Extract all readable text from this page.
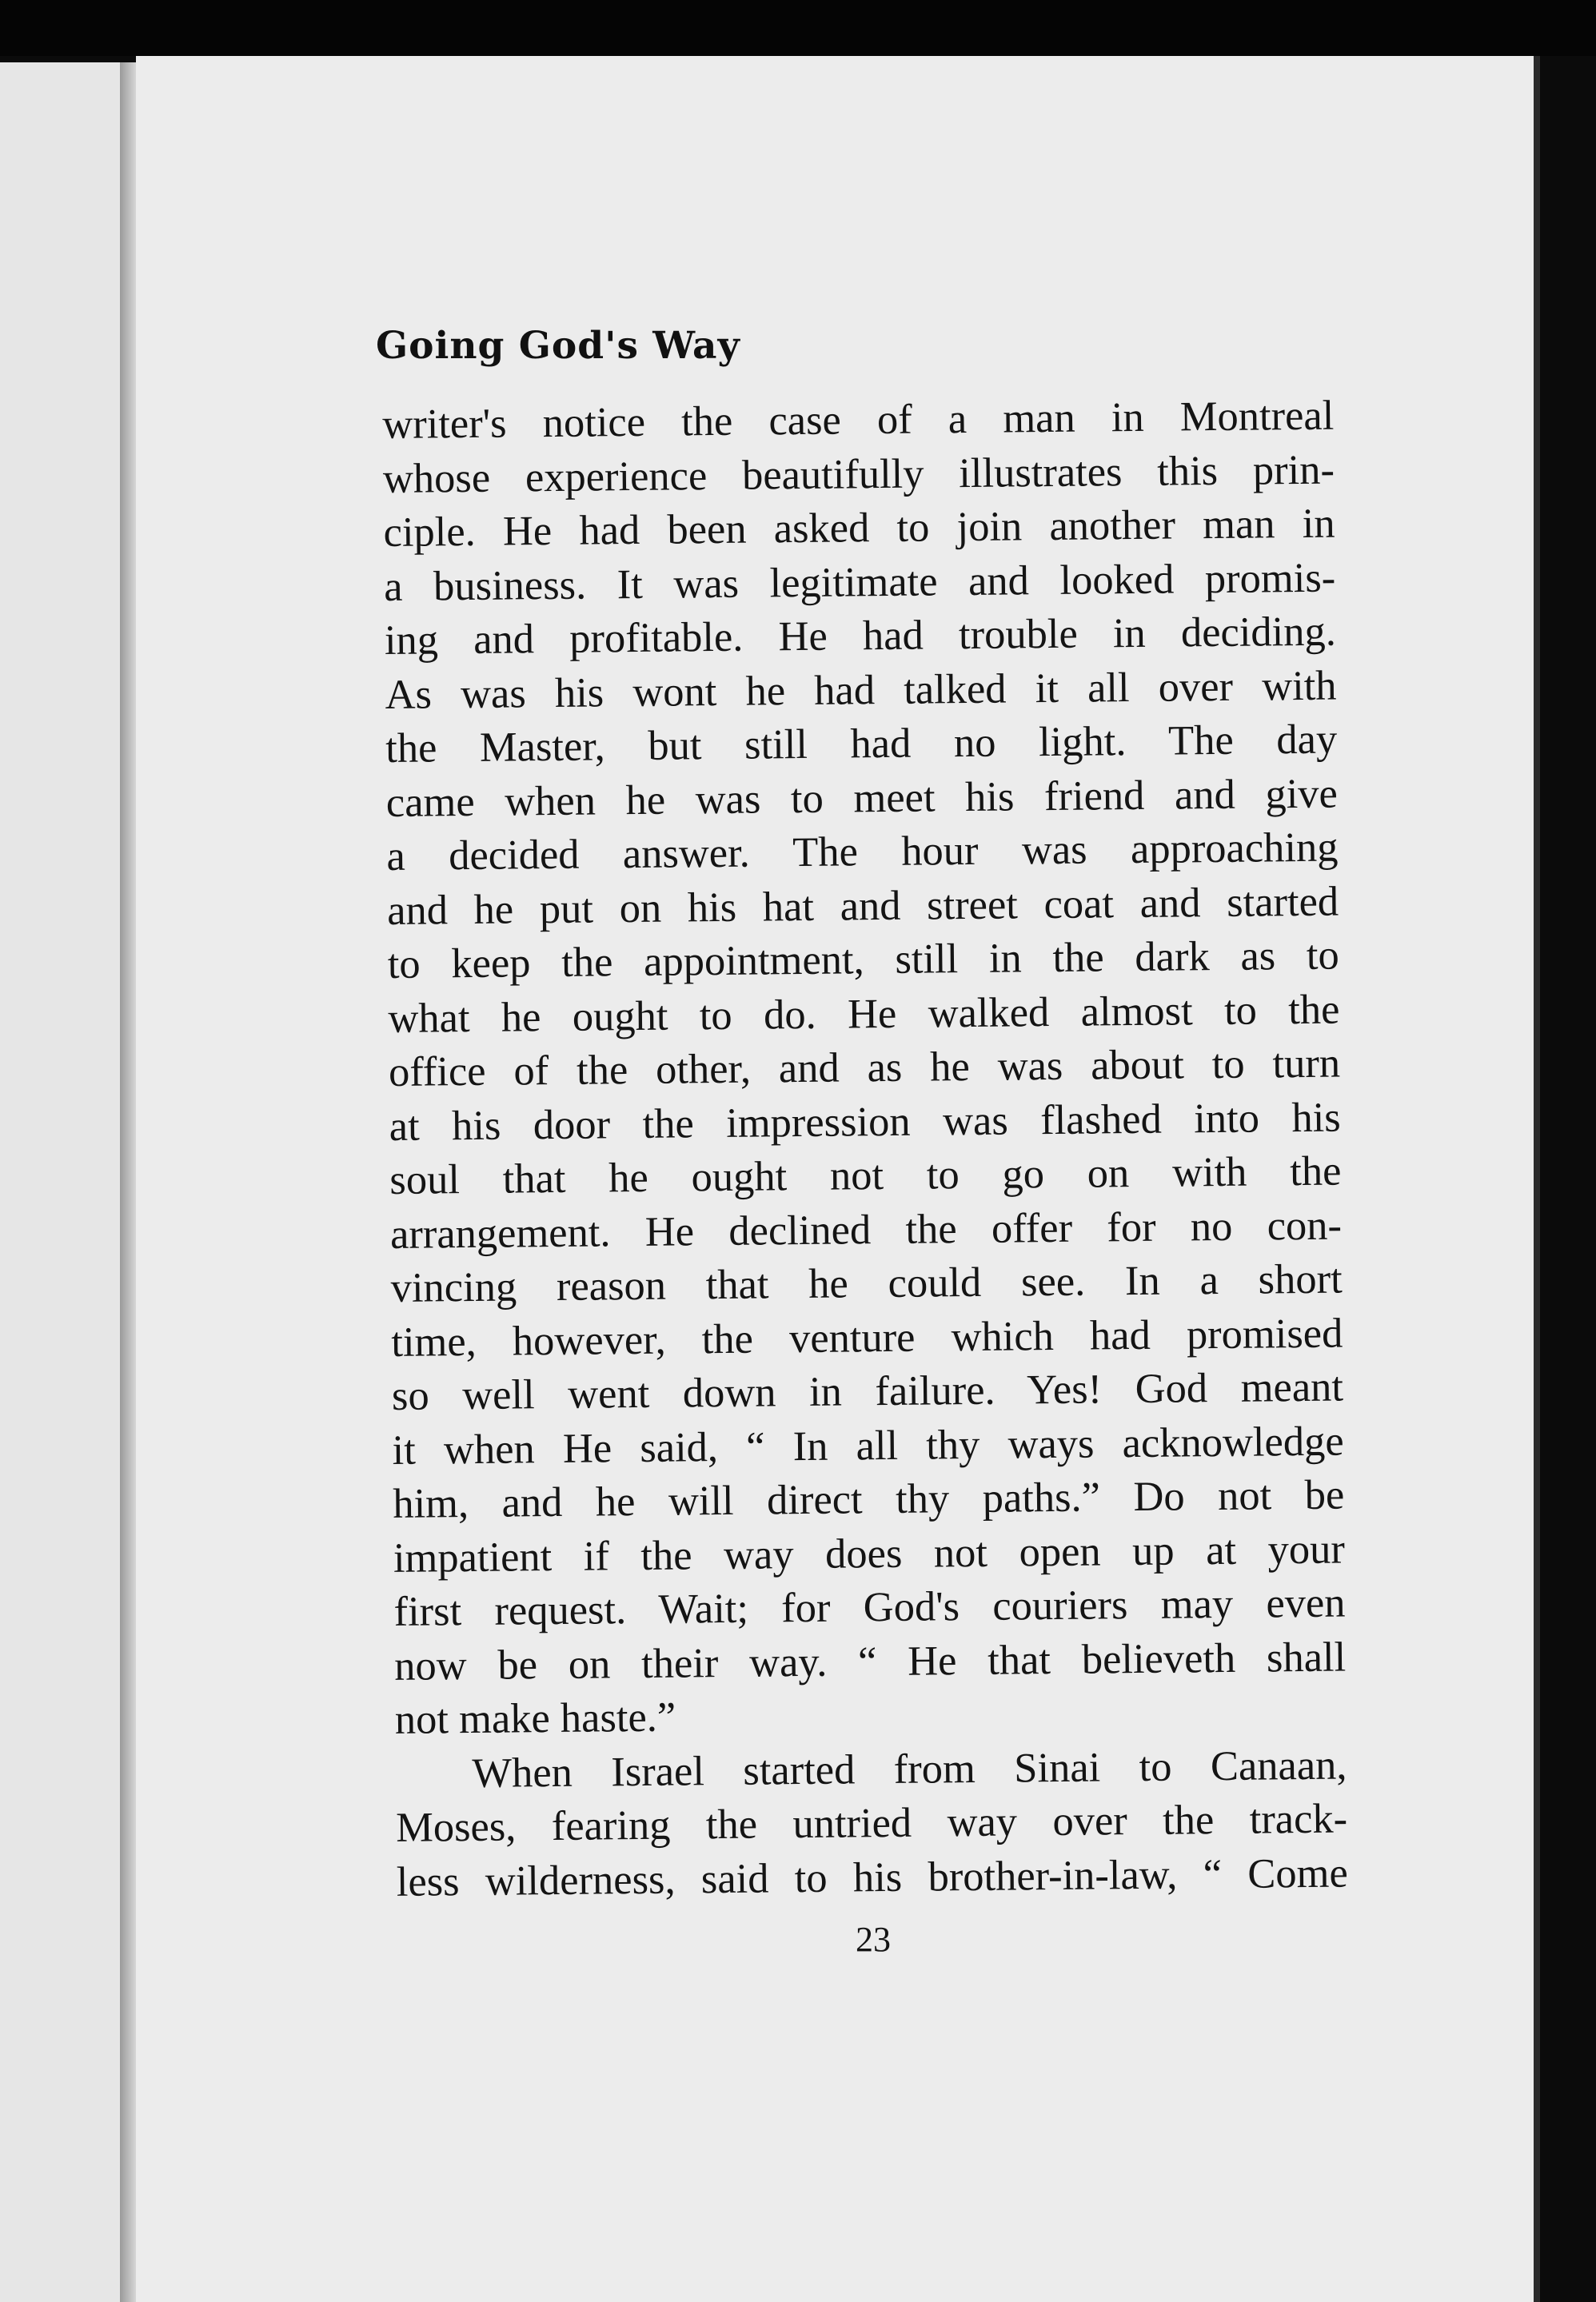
Going God's Way
writer's notice the case of a man in Montreal
whose experience beautifully illustrates this prin-
ciple. He had been asked to join another man in
a business. It was legitimate and looked promis-
ing and profitable. He had trouble in deciding.
As was his wont he had talked it all over with
the Master, but still had no light. The day
came when he was to meet his friend and give
a decided answer. The hour was approaching
and he put on his hat and street coat and started
to keep the appointment, still in the dark as to
what he ought to do. He walked almost to the
office of the other, and as he was about to turn
at his door the impression was flashed into his
soul that he ought not to go on with the
arrangement. He declined the offer for no con-
vincing reason that he could see. In a short
time, however, the venture which had promised
so well went down in failure. Yes! God meant
it when He said, “ In all thy ways acknowledge
him, and he will direct thy paths.” Do not be
impatient if the way does not open up at your
first request. Wait; for God's couriers may even
now be on their way. “ He that believeth shall
not make haste.”
When Israel started from Sinai to Canaan,
Moses, fearing the untried way over the track-
less wilderness, said to his brother-in-law, “ Come
23
